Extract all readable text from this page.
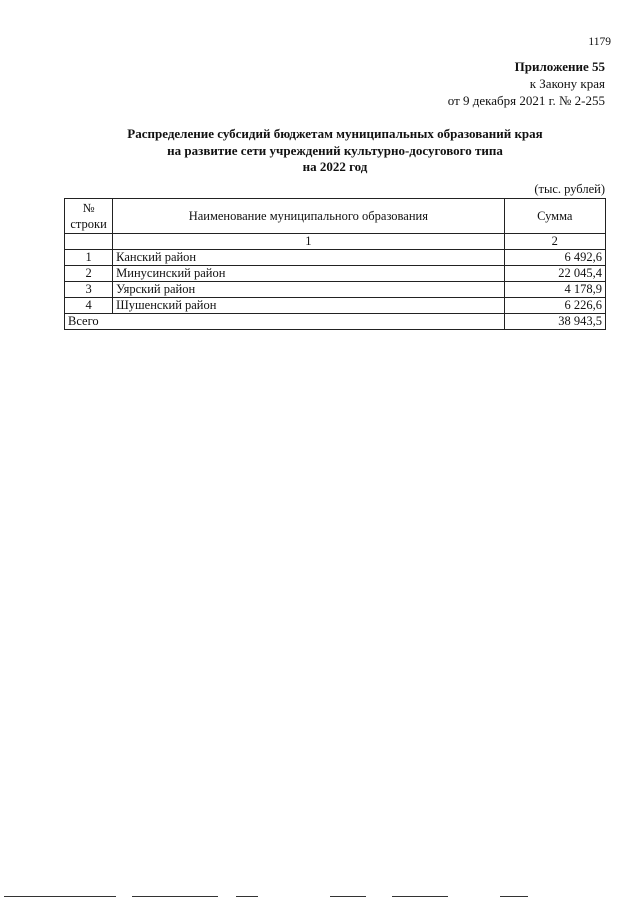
1179
Приложение 55
к Закону края
от 9 декабря 2021 г. № 2-255
Распределение субсидий бюджетам муниципальных образований края
на развитие сети учреждений культурно-досугового типа
на 2022 год
(тыс. рублей)
№
строки	Наименование муниципального образования	Сумма
	1	2
1	Канский район	6 492,6
2	Минусинский район	22 045,4
3	Уярский район	4 178,9
4	Шушенский район	6 226,6
Всего		38 943,5
